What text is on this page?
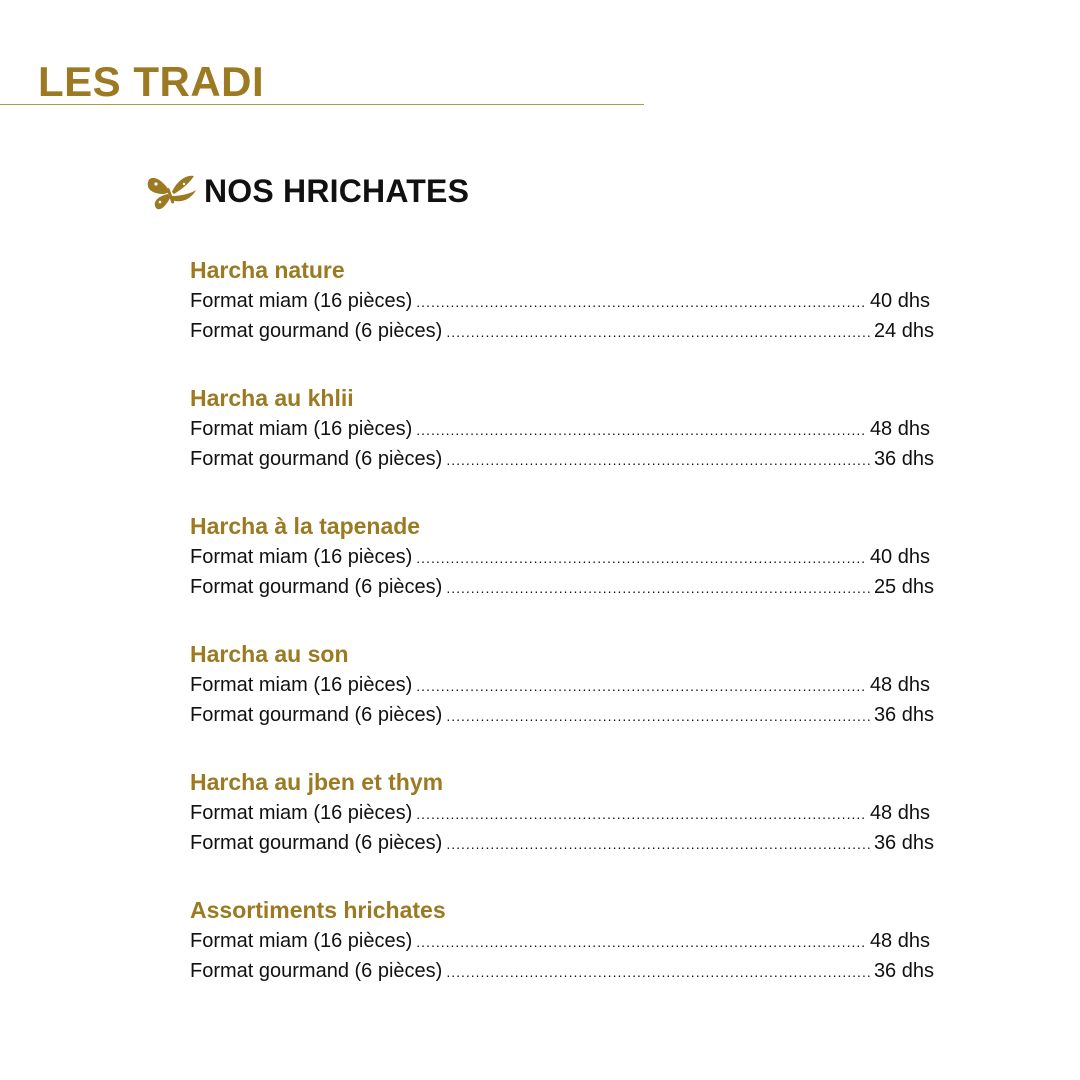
LES TRADI
NOS HRICHATES
Harcha nature
Format miam (16 pièces) .....	40 dhs
Format gourmand (6 pièces) .....	24 dhs
Harcha au khlii
Format miam (16 pièces) .....	48 dhs
Format gourmand (6 pièces) .....	36 dhs
Harcha à la tapenade
Format miam (16 pièces) .....	40 dhs
Format gourmand (6 pièces) .....	25 dhs
Harcha au son
Format miam (16 pièces) .....	48 dhs
Format gourmand (6 pièces) .....	36 dhs
Harcha au jben et thym
Format miam (16 pièces) .....	48 dhs
Format gourmand (6 pièces) .....	36 dhs
Assortiments hrichates
Format miam (16 pièces) .....	48 dhs
Format gourmand (6 pièces) .....	36 dhs
